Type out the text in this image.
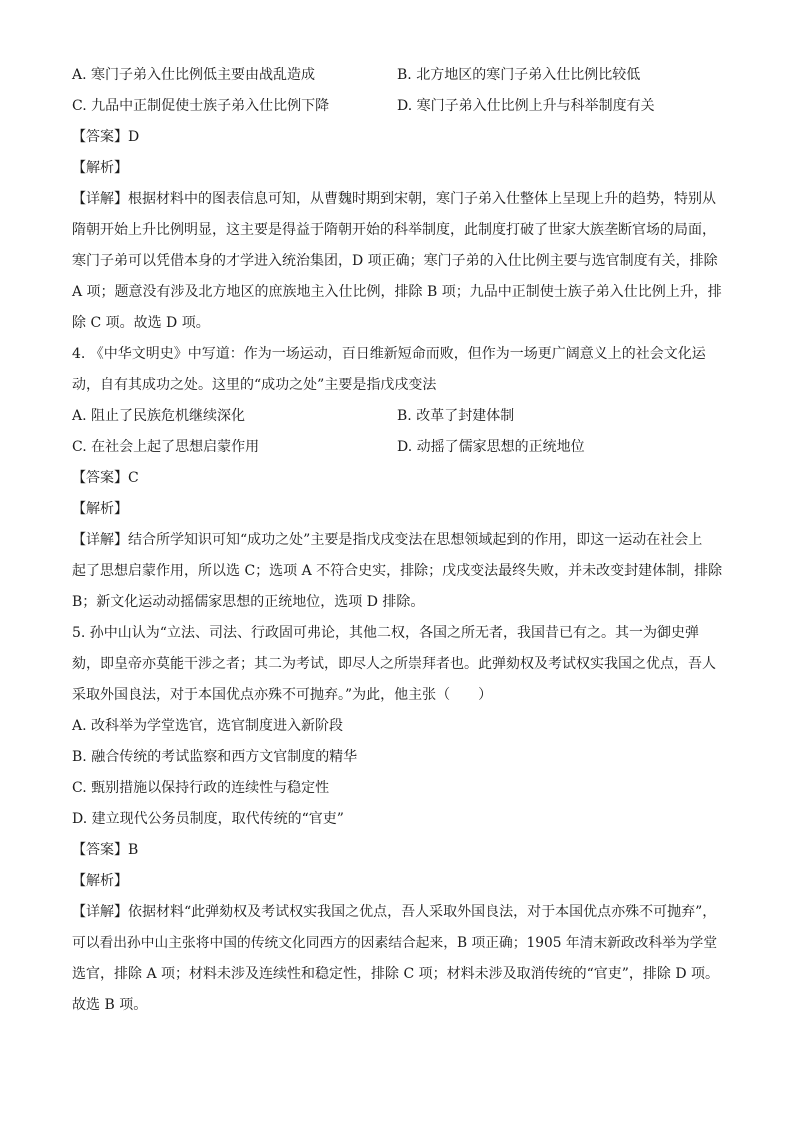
A. 寒门子弟入仕比例低主要由战乱造成	B. 北方地区的寒门子弟入仕比例比较低
C. 九品中正制促使士族子弟入仕比例下降	D. 寒门子弟入仕比例上升与科举制度有关
【答案】D
【解析】
【详解】根据材料中的图表信息可知，从曹魏时期到宋朝，寒门子弟入仕整体上呈现上升的趋势，特别从
隋朝开始上升比例明显，这主要是得益于隋朝开始的科举制度，此制度打破了世家大族垄断官场的局面，
寒门子弟可以凭借本身的才学进入统治集团，D 项正确；寒门子弟的入仕比例主要与选官制度有关，排除
A 项；题意没有涉及北方地区的庶族地主入仕比例，排除 B 项；九品中正制使士族子弟入仕比例上升，排
除 C 项。故选 D 项。
4. 《中华文明史》中写道：作为一场运动，百日维新短命而败，但作为一场更广阔意义上的社会文化运
动，自有其成功之处。这里的“成功之处”主要是指戊戌变法
A. 阻止了民族危机继续深化	B. 改革了封建体制
C. 在社会上起了思想启蒙作用	D. 动摇了儒家思想的正统地位
【答案】C
【解析】
【详解】结合所学知识可知“成功之处”主要是指戊戌变法在思想领域起到的作用，即这一运动在社会上
起了思想启蒙作用，所以选 C；选项 A 不符合史实，排除；戊戌变法最终失败，并未改变封建体制，排除
B；新文化运动动摇儒家思想的正统地位，选项 D 排除。
5. 孙中山认为“立法、司法、行政固可弗论，其他二权，各国之所无者，我国昔已有之。其一为御史弹
劾，即皇帝亦莫能干涉之者；其二为考试，即尽人之所崇拜者也。此弹劾权及考试权实我国之优点，吾人
采取外国良法，对于本国优点亦殊不可抛弃。”为此，他主张（　　）
A. 改科举为学堂选官，选官制度进入新阶段
B. 融合传统的考试监察和西方文官制度的精华
C. 甄别措施以保持行政的连续性与稳定性
D. 建立现代公务员制度，取代传统的“官吏”
【答案】B
【解析】
【详解】依据材料“此弹劾权及考试权实我国之优点，吾人采取外国良法，对于本国优点亦殊不可抛弃”，
可以看出孙中山主张将中国的传统文化同西方的因素结合起来，B 项正确；1905 年清末新政改科举为学堂
选官，排除 A 项；材料未涉及连续性和稳定性，排除 C 项；材料未涉及取消传统的“官吏”，排除 D 项。
故选 B 项。
